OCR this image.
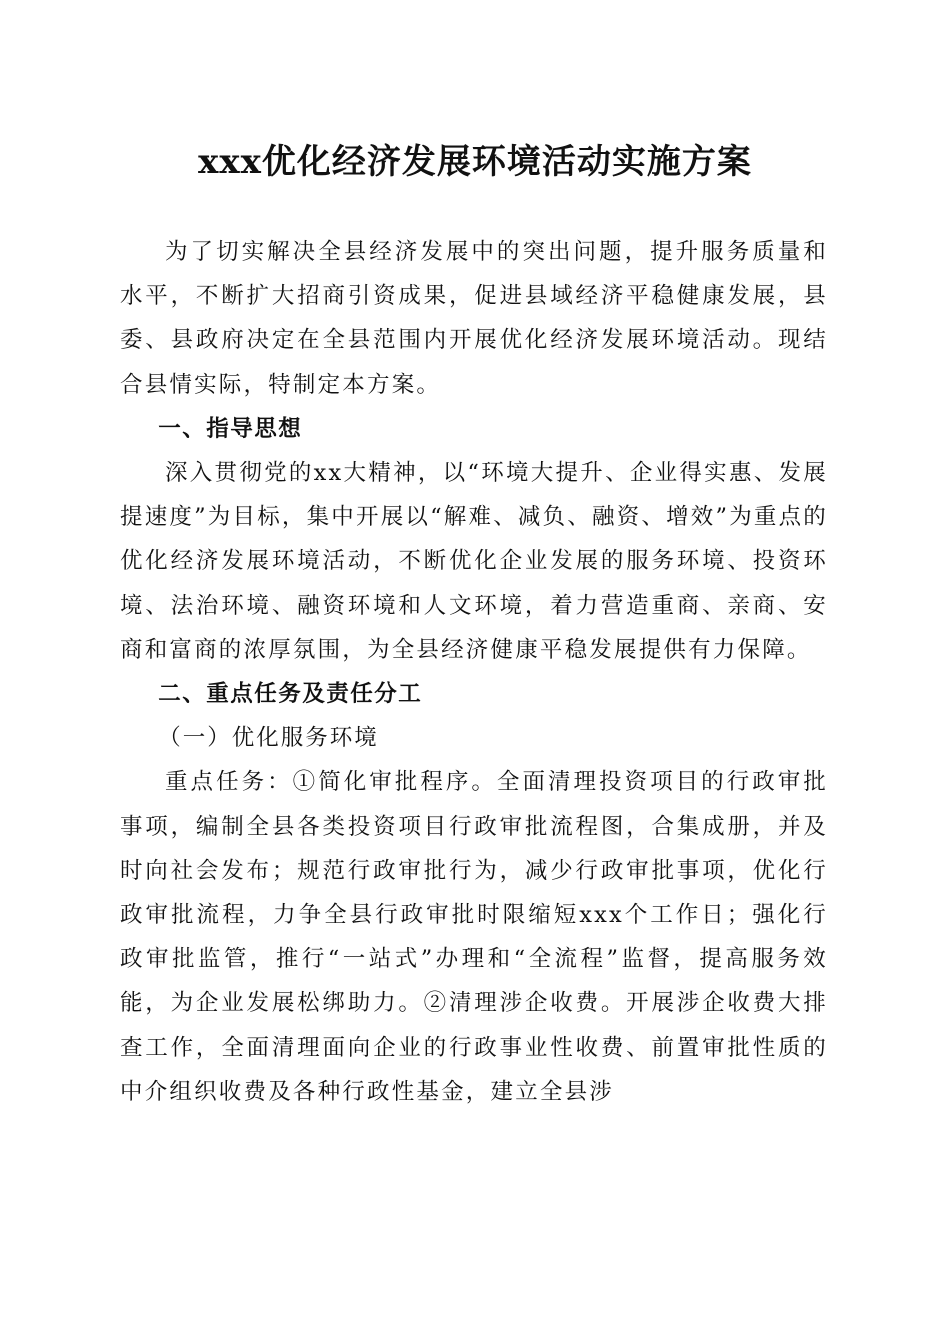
xxx优化经济发展环境活动实施方案

为了切实解决全县经济发展中的突出问题，提升服务质量和水平，不断扩大招商引资成果，促进县域经济平稳健康发展，县委、县政府决定在全县范围内开展优化经济发展环境活动。现结合县情实际，特制定本方案。

一、指导思想

深入贯彻党的xx大精神，以“环境大提升、企业得实惠、发展提速度”为目标，集中开展以“解难、减负、融资、增效”为重点的优化经济发展环境活动，不断优化企业发展的服务环境、投资环境、法治环境、融资环境和人文环境，着力营造重商、亲商、安商和富商的浓厚氛围，为全县经济健康平稳发展提供有力保障。

二、重点任务及责任分工
（一）优化服务环境

重点任务：①简化审批程序。全面清理投资项目的行政审批事项，编制全县各类投资项目行政审批流程图，合集成册，并及时向社会发布；规范行政审批行为，减少行政审批事项，优化行政审批流程，力争全县行政审批时限缩短xxx个工作日；强化行政审批监管，推行“一站式”办理和“全流程”监督，提高服务效能，为企业发展松绑助力。②清理涉企收费。开展涉企收费大排查工作，全面清理面向企业的行政事业性收费、前置审批性质的中介组织收费及各种行政性基金，建立全县涉
